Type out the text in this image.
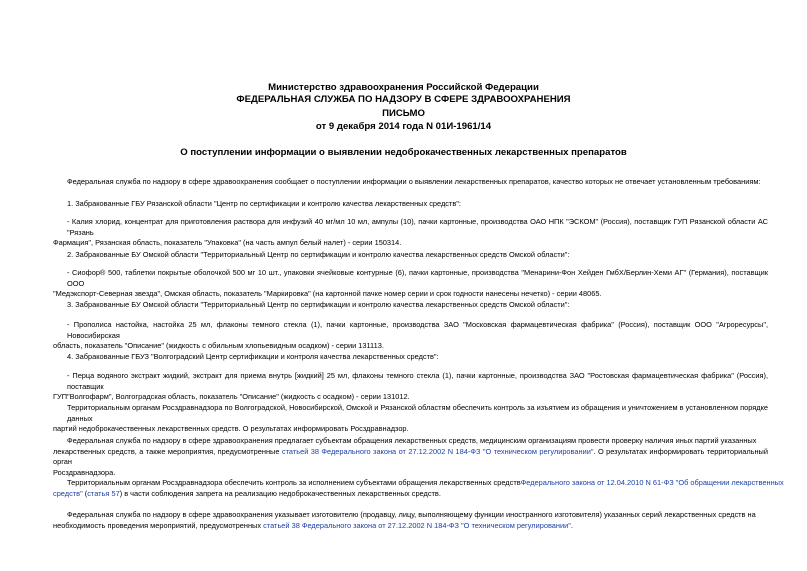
Министерство здравоохранения Российской Федерации
ФЕДЕРАЛЬНАЯ СЛУЖБА ПО НАДЗОРУ В СФЕРЕ ЗДРАВООХРАНЕНИЯ
ПИСЬМО
от 9 декабря 2014 года N 01И-1961/14
О поступлении информации о выявлении недоброкачественных лекарственных препаратов
Федеральная служба по надзору в сфере здравоохранения сообщает о поступлении информации о выявлении лекарственных препаратов, качество которых не отвечает установленным требованиям:
1. Забракованные ГБУ Рязанской области "Центр по сертификации и контролю качества лекарственных средств":
- Калия хлорид, концентрат для приготовления раствора для инфузий 40 мг/мл 10 мл, ампулы (10), пачки картонные, производства ОАО НПК "ЭСКОМ" (Россия), поставщик ГУП Рязанской области АС "Рязань
Фармация", Рязанская область, показатель "Упаковка" (на часть ампул белый налет) - серии 150314.
2. Забракованные БУ Омской области "Территориальный Центр по сертификации и контролю качества лекарственных средств Омской области":
- Сиофор® 500, таблетки покрытые оболочкой 500 мг 10 шт., упаковки ячейковые контурные (6), пачки картонные, производства "Менарини-Фон Хейден ГмбХ/Берлин-Хеми АГ" (Германия), поставщик ООО
"Медэкспорт-Северная звезда", Омская область, показатель "Маркировка" (на картонной пачке номер серии и срок годности нанесены нечетко) - серии 48065.
3. Забракованные БУ Омской области "Территориальный Центр по сертификации и контролю качества лекарственных средств Омской области":
- Прополиса настойка, настойка 25 мл, флаконы темного стекла (1), пачки картонные, производства ЗАО "Московская фармацевтическая фабрика" (Россия), поставщик ООО "Агроресурсы", Новосибирская
область, показатель "Описание" (жидкость с обильным хлопьевидным осадком) - серии 131113.
4. Забракованные ГБУЗ "Волгоградский Центр сертификации и контроля качества лекарственных средств":
- Перца водяного экстракт жидкий, экстракт для приема внутрь [жидкий] 25 мл, флаконы темного стекла (1), пачки картонные, производства ЗАО "Ростовская фармацевтическая фабрика" (Россия), поставщик
ГУП"Волгофарм", Волгоградская область, показатель "Описание" (жидкость с осадком) - серии 131012.
Территориальным органам Росздравнадзора по Волгоградской, Новосибирской, Омской и Рязанской областям обеспечить контроль за изъятием из обращения и уничтожением в установленном порядке данных
партий недоброкачественных лекарственных средств. О результатах информировать Росздравнадзор.
Федеральная служба по надзору в сфере здравоохранения предлагает субъектам обращения лекарственных средств, медицинским организациям провести проверку наличия иных партий указанных
лекарственных средств, а также мероприятия, предусмотренные статьей 38 Федерального закона от 27.12.2002 N 184-ФЗ "О техническом регулировании". О результатах информировать территориальный орган
Росздравнадзора.
Территориальным органам Росздравнадзора обеспечить контроль за исполнением субъектами обращения лекарственных средствФедерального закона от 12.04.2010 N 61-ФЗ "Об обращении лекарственных
средств" (статья 57) в части соблюдения запрета на реализацию недоброкачественных лекарственных средств.
Федеральная служба по надзору в сфере здравоохранения указывает изготовителю (продавцу, лицу, выполняющему функции иностранного изготовителя) указанных серий лекарственных средств на
необходимость проведения мероприятий, предусмотренных статьей 38 Федерального закона от 27.12.2002 N 184-ФЗ "О техническом регулировании".
